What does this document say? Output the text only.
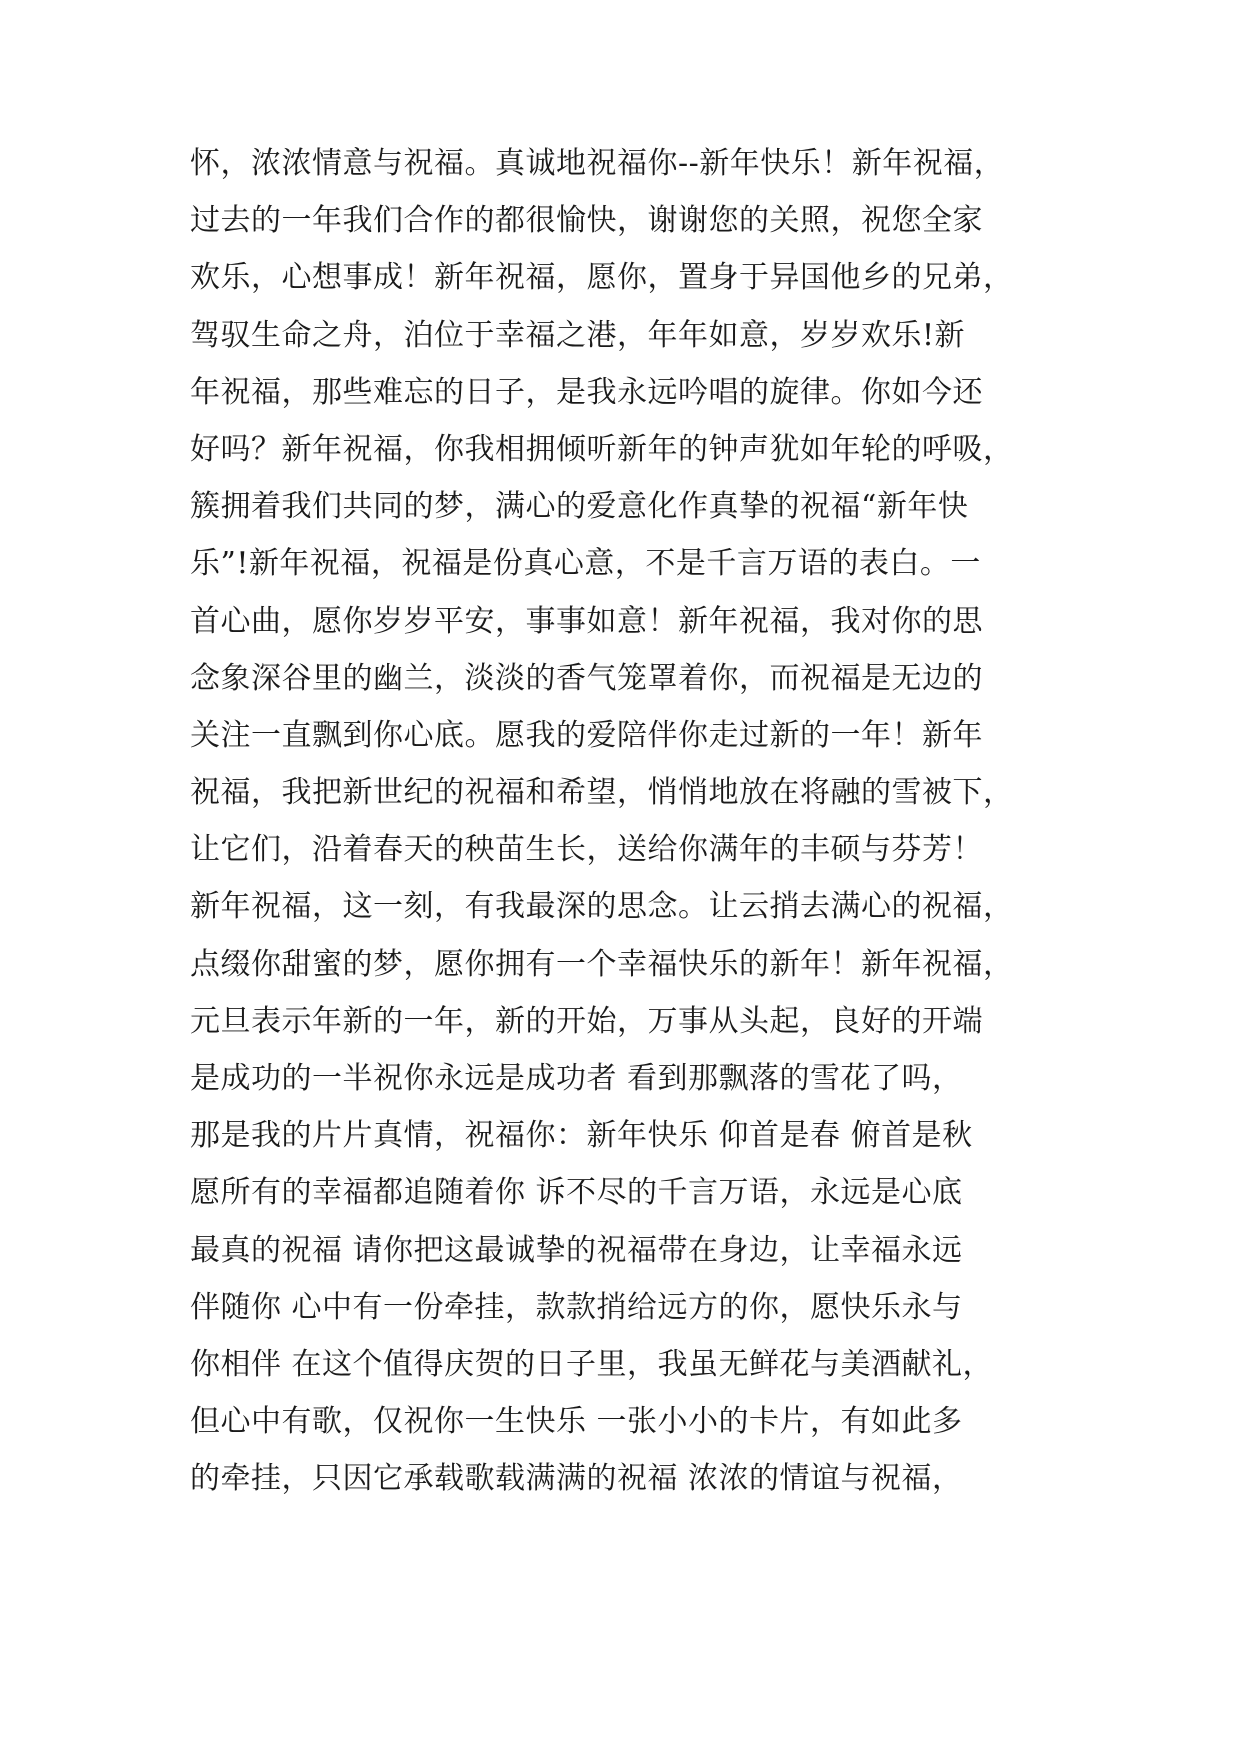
怀，浓浓情意与祝福。真诚地祝福你--新年快乐！新年祝福，
过去的一年我们合作的都很愉快，谢谢您的关照，祝您全家
欢乐，心想事成！新年祝福，愿你，置身于异国他乡的兄弟，
驾驭生命之舟，泊位于幸福之港，年年如意，岁岁欢乐!新
年祝福，那些难忘的日子，是我永远吟唱的旋律。你如今还
好吗？新年祝福，你我相拥倾听新年的钟声犹如年轮的呼吸，
簇拥着我们共同的梦，满心的爱意化作真挚的祝福“新年快
乐”!新年祝福，祝福是份真心意，不是千言万语的表白。一
首心曲，愿你岁岁平安，事事如意！新年祝福，我对你的思
念象深谷里的幽兰，淡淡的香气笼罩着你，而祝福是无边的
关注一直飘到你心底。愿我的爱陪伴你走过新的一年！新年
祝福，我把新世纪的祝福和希望，悄悄地放在将融的雪被下，
让它们，沿着春天的秧苗生长，送给你满年的丰硕与芬芳！
新年祝福，这一刻，有我最深的思念。让云捎去满心的祝福，
点缀你甜蜜的梦，愿你拥有一个幸福快乐的新年！新年祝福，
元旦表示年新的一年，新的开始，万事从头起，良好的开端
是成功的一半祝你永远是成功者 看到那飘落的雪花了吗，
那是我的片片真情，祝福你：新年快乐 仰首是春 俯首是秋
愿所有的幸福都追随着你 诉不尽的千言万语，永远是心底
最真的祝福 请你把这最诚挚的祝福带在身边，让幸福永远
伴随你 心中有一份牵挂，款款捎给远方的你，愿快乐永与
你相伴 在这个值得庆贺的日子里，我虽无鲜花与美酒献礼，
但心中有歌，仅祝你一生快乐 一张小小的卡片，有如此多
的牵挂，只因它承载歌载满满的祝福 浓浓的情谊与祝福，
